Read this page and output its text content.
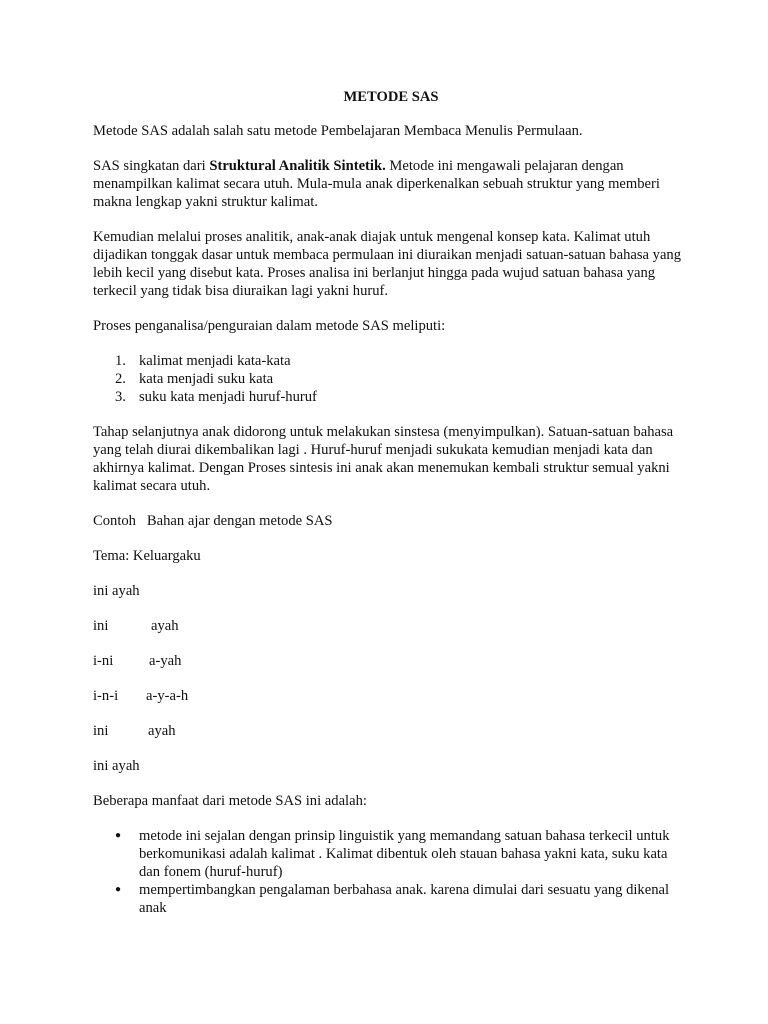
METODE SAS

Metode SAS adalah salah satu metode Pembelajaran Membaca Menulis Permulaan.

SAS singkatan dari Struktural Analitik Sintetik. Metode ini mengawali pelajaran dengan menampilkan kalimat secara utuh. Mula-mula anak diperkenalkan sebuah struktur yang memberi makna lengkap yakni struktur kalimat.

Kemudian melalui proses analitik, anak-anak diajak untuk mengenal konsep kata. Kalimat utuh dijadikan tonggak dasar untuk membaca permulaan ini diuraikan menjadi satuan-satuan bahasa yang lebih kecil yang disebut kata. Proses analisa ini berlanjut hingga pada wujud satuan bahasa yang terkecil yang tidak bisa diuraikan lagi yakni huruf.

Proses penganalisa/penguraian dalam metode SAS meliputi:

1. kalimat menjadi kata-kata
2. kata menjadi suku kata
3. suku kata menjadi huruf-huruf

Tahap selanjutnya anak didorong untuk melakukan sinstesa (menyimpulkan). Satuan-satuan bahasa yang telah diurai dikembalikan lagi . Huruf-huruf menjadi sukukata kemudian menjadi kata dan akhirnya kalimat. Dengan Proses sintesis ini anak akan menemukan kembali struktur semual yakni kalimat secara utuh.

Contoh   Bahan ajar dengan metode SAS

Tema: Keluargaku

ini ayah

ini	ayah

i-ni	a-yah

i-n-i	a-y-a-h

ini	ayah

ini ayah

Beberapa manfaat dari metode SAS ini adalah:

● metode ini sejalan dengan prinsip linguistik yang memandang satuan bahasa terkecil untuk berkomunikasi adalah kalimat . Kalimat dibentuk oleh stauan bahasa yakni kata, suku kata dan fonem (huruf-huruf)
● mempertimbangkan pengalaman berbahasa anak. karena dimulai dari sesuatu yang dikenal anak
